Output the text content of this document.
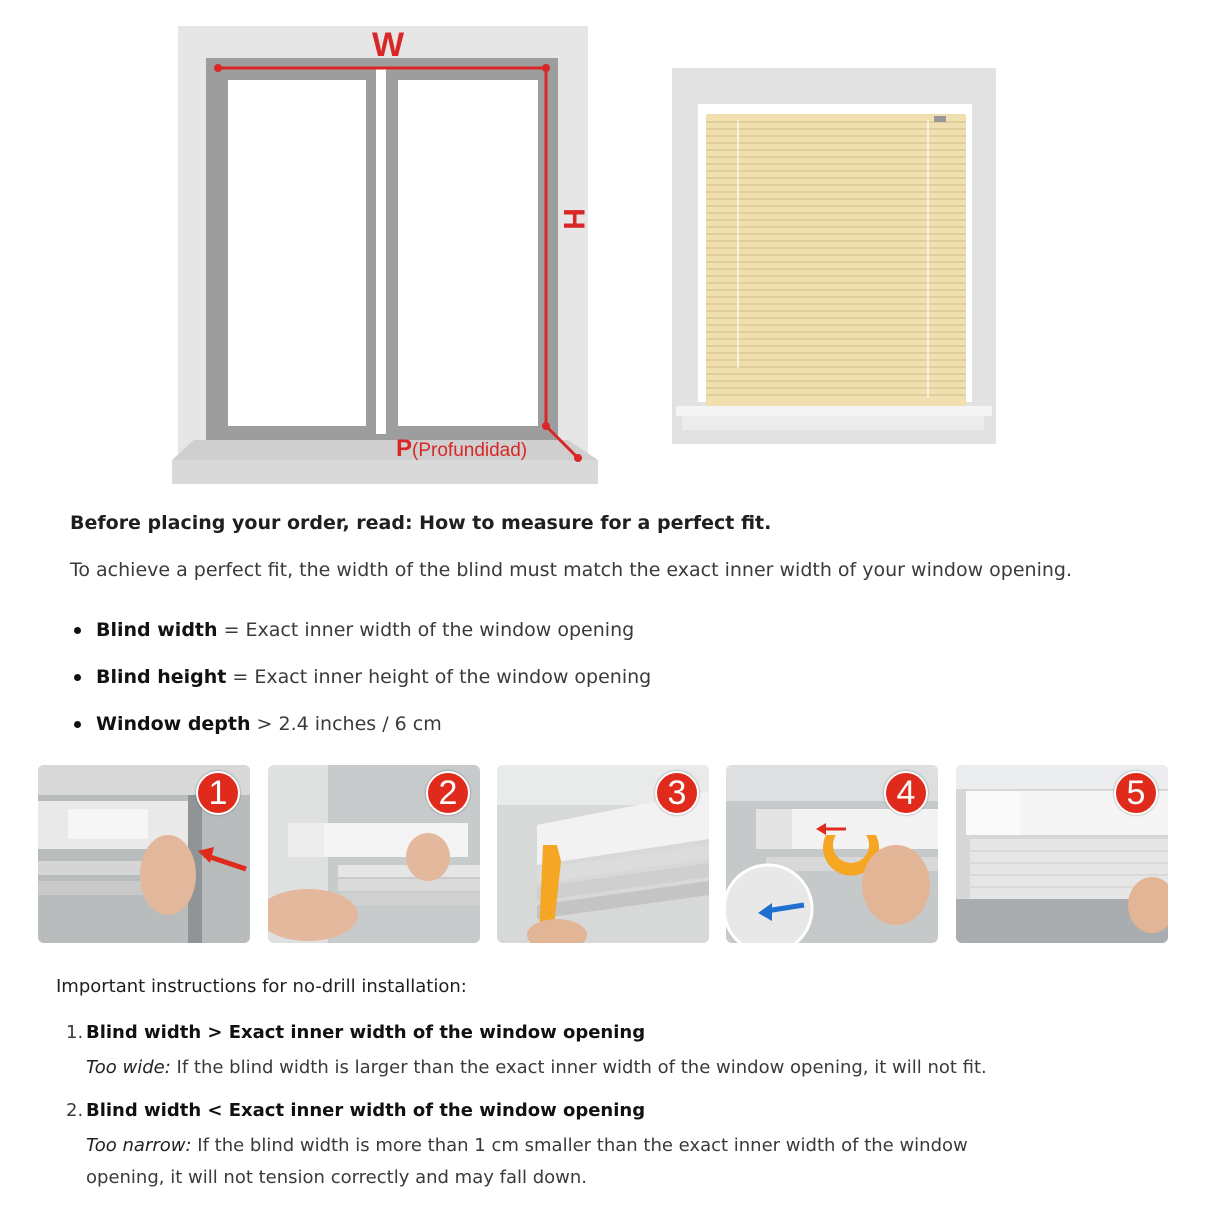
W
H
P(Profundidad)
Before placing your order, read: How to measure for a perfect fit.
To achieve a perfect fit, the width of the blind must match the exact inner width of your window opening.
Blind width = Exact inner width of the window opening
Blind height = Exact inner height of the window opening
Window depth > 2.4 inches / 6 cm
1	2	3	4	5
Important instructions for no-drill installation:
1. Blind width > Exact inner width of the window opening
Too wide: If the blind width is larger than the exact inner width of the window opening, it will not fit.
2. Blind width < Exact inner width of the window opening
Too narrow: If the blind width is more than 1 cm smaller than the exact inner width of the window opening, it will not tension correctly and may fall down.
